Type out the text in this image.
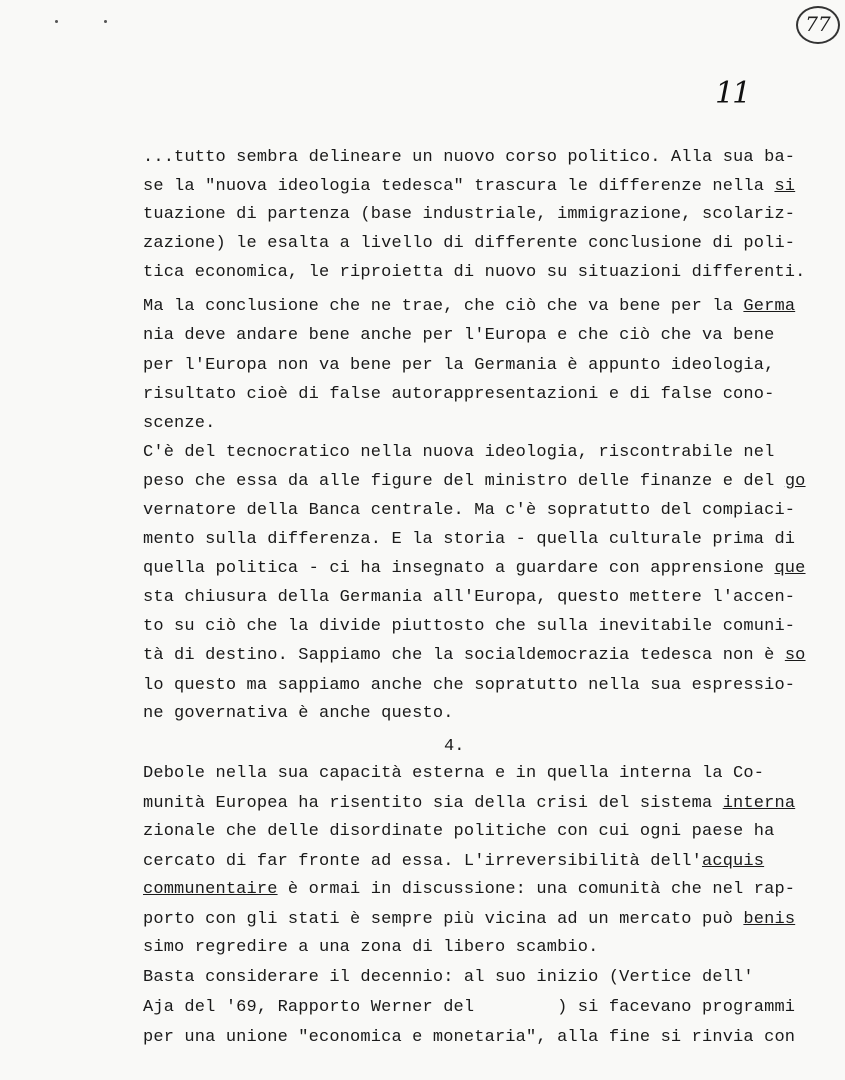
77
11
...tutto sembra delineare un nuovo corso politico. Alla sua ba-
se la "nuova ideologia tedesca" trascura le differenze nella si
tuazione di partenza (base industriale, immigrazione, scolariz-
zazione) le esalta a livello di differente conclusione di poli-
tica economica, le riproietta di nuovo su situazioni differenti.
Ma la conclusione che ne trae, che ciò che va bene per la Germa
nia deve andare bene anche per l'Europa e che ciò che va bene
per l'Europa non va bene per la Germania è appunto ideologia,
risultato cioè di false autorappresentazioni e di false cono-
scenze.
C'è del tecnocratico nella nuova ideologia, riscontrabile nel
peso che essa da alle figure del ministro delle finanze e del go
vernatore della Banca centrale. Ma c'è sopratutto del compiaci-
mento sulla differenza. E la storia - quella culturale prima di
quella politica - ci ha insegnato a guardare con apprensione que
sta chiusura della Germania all'Europa, questo mettere l'accen-
to su ciò che la divide piuttosto che sulla inevitabile comuni-
tà di destino. Sappiamo che la socialdemocrazia tedesca non è so
lo questo ma sappiamo anche che sopratutto nella sua espressio-
ne governativa è anche questo.
Debole nella sua capacità esterna e in quella interna la Co-
munità Europea ha risentito sia della crisi del sistema interna
zionale che delle disordinate politiche con cui ogni paese ha
cercato di far fronte ad essa. L'irreversibilità dell'acquis
communentaire è ormai in discussione: una comunità che nel rap-
porto con gli stati è sempre più vicina ad un mercato può benis
simo regredire a una zona di libero scambio.
Basta considerare il decennio: al suo inizio (Vertice dell'
Aja del '69, Rapporto Werner del        ) si facevano programmi
per una unione "economica e monetaria", alla fine si rinvia con
4.
